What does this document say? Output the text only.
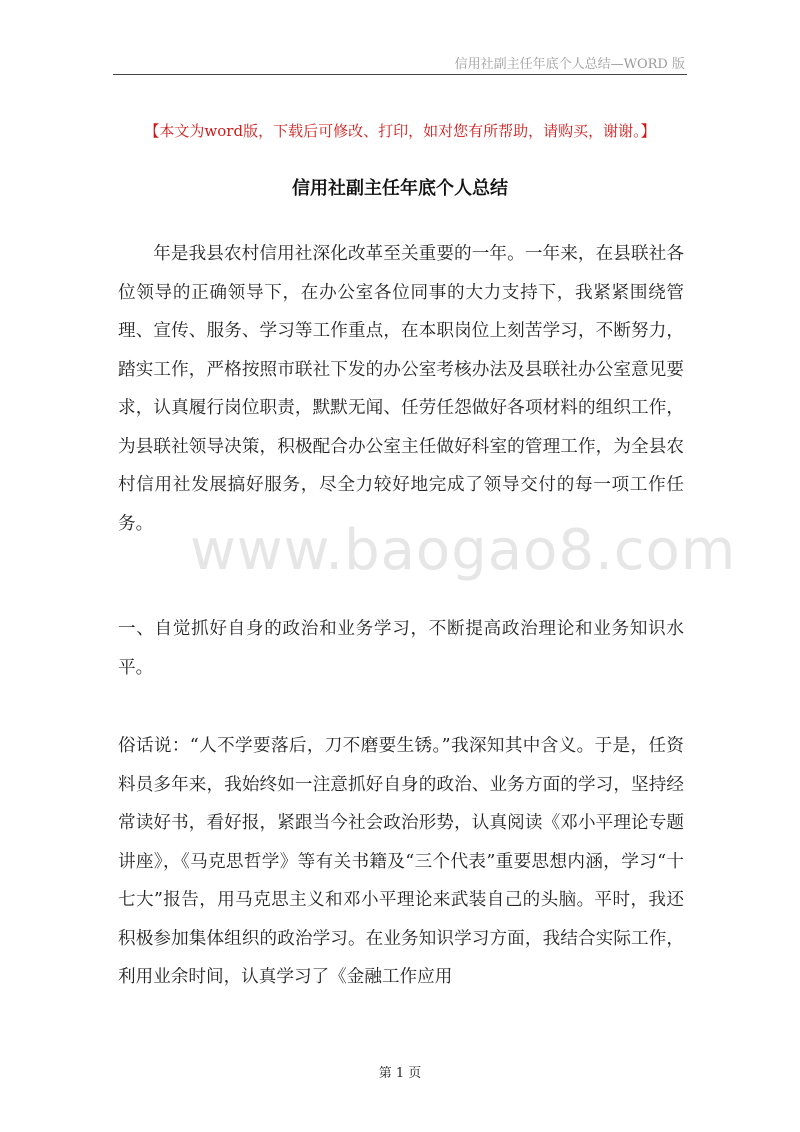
信用社副主任年底个人总结—WORD 版
【本文为word版，下载后可修改、打印，如对您有所帮助，请购买，谢谢。】
信用社副主任年底个人总结
年是我县农村信用社深化改革至关重要的一年。一年来，在县联社各位领导的正确领导下，在办公室各位同事的大力支持下，我紧紧围绕管理、宣传、服务、学习等工作重点，在本职岗位上刻苦学习，不断努力，踏实工作，严格按照市联社下发的办公室考核办法及县联社办公室意见要求，认真履行岗位职责，默默无闻、任劳任怨做好各项材料的组织工作，为县联社领导决策，积极配合办公室主任做好科室的管理工作，为全县农村信用社发展搞好服务，尽全力较好地完成了领导交付的每一项工作任务。 www.baogao8.com
一、自觉抓好自身的政治和业务学习，不断提高政治理论和业务知识水平。
俗话说：“人不学要落后，刀不磨要生锈。”我深知其中含义。于是，任资料员多年来，我始终如一注意抓好自身的政治、业务方面的学习，坚持经常读好书，看好报，紧跟当今社会政治形势，认真阅读《邓小平理论专题讲座》，《马克思哲学》等有关书籍及“三个代表”重要思想内涵，学习“十七大”报告，用马克思主义和邓小平理论来武装自己的头脑。平时，我还积极参加集体组织的政治学习。在业务知识学习方面，我结合实际工作，利用业余时间，认真学习了《金融工作应用
第 1 页
